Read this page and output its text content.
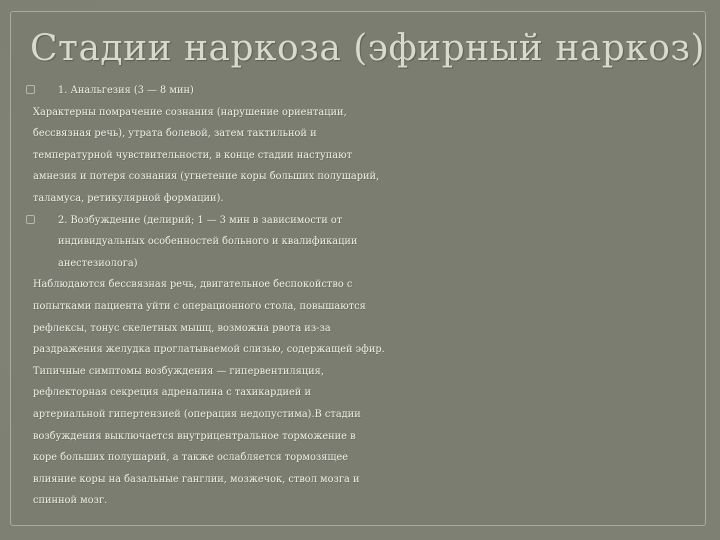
Стадии наркоза (эфирный наркоз)
1. Анальгезия (3 — 8 мин)
Характерны помрачение сознания (нарушение ориентации,
бессвязная речь), утрата болевой, затем тактильной и
температурной чувствительности, в конце стадии наступают
амнезия и потеря сознания (угнетение коры больших полушарий,
таламуса, ретикулярной формации).
2. Возбуждение (делирий; 1 — 3 мин в зависимости от
индивидуальных особенностей больного и квалификации
анестезиолога)
Наблюдаются бессвязная речь, двигательное беспокойство с
попытками пациента уйти с операционного стола, повышаются
рефлексы, тонус скелетных мышц, возможна рвота из-за
раздражения желудка проглатываемой слизью, содержащей эфир.
Типичные симптомы возбуждения — гипервентиляция,
рефлекторная секреция адреналина с тахикардией и
артериальной гипертензией (операция недопустима).В стадии
возбуждения выключается внутрицентральное торможение в
коре больших полушарий, а также ослабляется тормозящее
влияние коры на базальные ганглии, мозжечок, ствол мозга и
спинной мозг.
